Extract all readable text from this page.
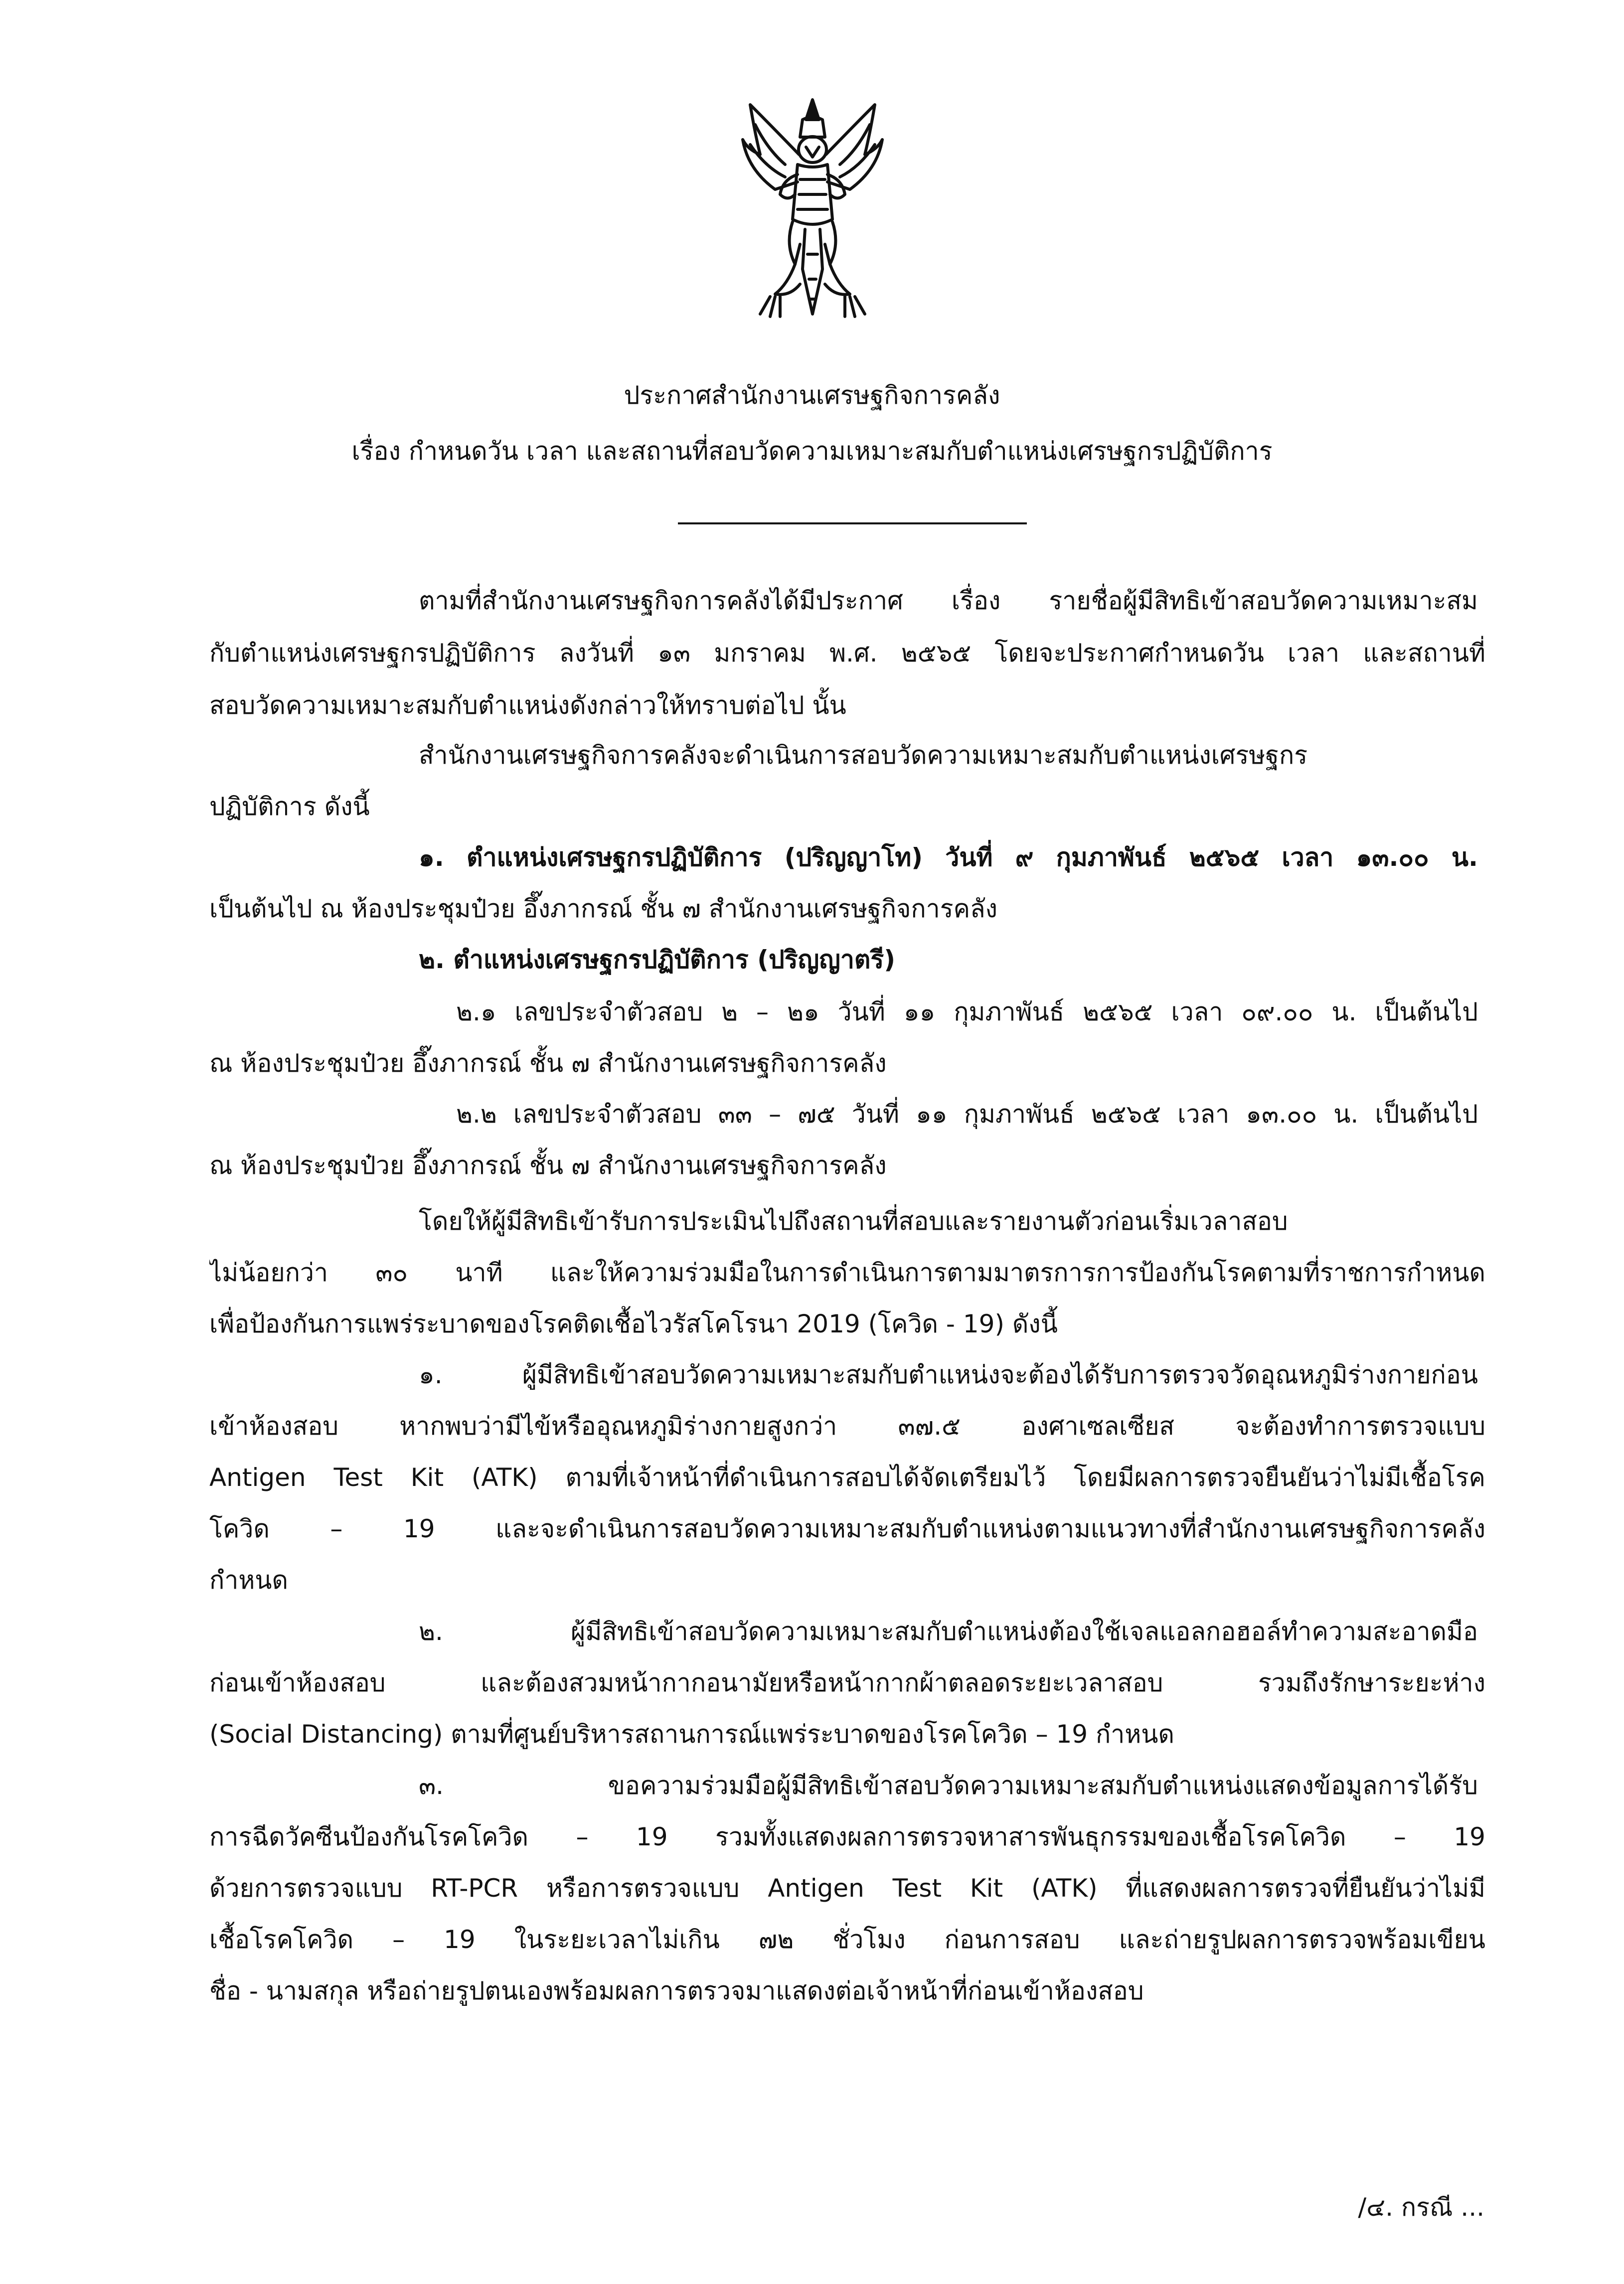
ประกาศสำนักงานเศรษฐกิจการคลัง
เรื่อง กำหนดวัน เวลา และสถานที่สอบวัดความเหมาะสมกับตำแหน่งเศรษฐกรปฏิบัติการ
ตามที่สำนักงานเศรษฐกิจการคลังได้มีประกาศ เรื่อง รายชื่อผู้มีสิทธิเข้าสอบวัดความเหมาะสม
กับตำแหน่งเศรษฐกรปฏิบัติการ ลงวันที่ ๑๓ มกราคม พ.ศ. ๒๕๖๕ โดยจะประกาศกำหนดวัน เวลา และสถานที่
สอบวัดความเหมาะสมกับตำแหน่งดังกล่าวให้ทราบต่อไป นั้น
สำนักงานเศรษฐกิจการคลังจะดำเนินการสอบวัดความเหมาะสมกับตำแหน่งเศรษฐกร
ปฏิบัติการ ดังนี้
๑. ตำแหน่งเศรษฐกรปฏิบัติการ (ปริญญาโท) วันที่ ๙ กุมภาพันธ์ ๒๕๖๕ เวลา ๑๓.๐๐ น.
เป็นต้นไป ณ ห้องประชุมป๋วย อึ๊งภากรณ์ ชั้น ๗ สำนักงานเศรษฐกิจการคลัง
๒. ตำแหน่งเศรษฐกรปฏิบัติการ (ปริญญาตรี)
๒.๑ เลขประจำตัวสอบ ๒ – ๒๑ วันที่ ๑๑ กุมภาพันธ์ ๒๕๖๕ เวลา ๐๙.๐๐ น. เป็นต้นไป
ณ ห้องประชุมป๋วย อึ๊งภากรณ์ ชั้น ๗ สำนักงานเศรษฐกิจการคลัง
๒.๒ เลขประจำตัวสอบ ๓๓ – ๗๕ วันที่ ๑๑ กุมภาพันธ์ ๒๕๖๕ เวลา ๑๓.๐๐ น. เป็นต้นไป
ณ ห้องประชุมป๋วย อึ๊งภากรณ์ ชั้น ๗ สำนักงานเศรษฐกิจการคลัง
โดยให้ผู้มีสิทธิเข้ารับการประเมินไปถึงสถานที่สอบและรายงานตัวก่อนเริ่มเวลาสอบ
ไม่น้อยกว่า ๓๐ นาที และให้ความร่วมมือในการดำเนินการตามมาตรการการป้องกันโรคตามที่ราชการกำหนด
เพื่อป้องกันการแพร่ระบาดของโรคติดเชื้อไวรัสโคโรนา 2019 (โควิด - 19) ดังนี้
๑. ผู้มีสิทธิเข้าสอบวัดความเหมาะสมกับตำแหน่งจะต้องได้รับการตรวจวัดอุณหภูมิร่างกายก่อน
เข้าห้องสอบ หากพบว่ามีไข้หรืออุณหภูมิร่างกายสูงกว่า ๓๗.๕ องศาเซลเซียส จะต้องทำการตรวจแบบ
Antigen Test Kit (ATK) ตามที่เจ้าหน้าที่ดำเนินการสอบได้จัดเตรียมไว้ โดยมีผลการตรวจยืนยันว่าไม่มีเชื้อโรค
โควิด – 19 และจะดำเนินการสอบวัดความเหมาะสมกับตำแหน่งตามแนวทางที่สำนักงานเศรษฐกิจการคลัง
กำหนด
๒. ผู้มีสิทธิเข้าสอบวัดความเหมาะสมกับตำแหน่งต้องใช้เจลแอลกอฮอล์ทำความสะอาดมือ
ก่อนเข้าห้องสอบ และต้องสวมหน้ากากอนามัยหรือหน้ากากผ้าตลอดระยะเวลาสอบ รวมถึงรักษาระยะห่าง
(Social Distancing) ตามที่ศูนย์บริหารสถานการณ์แพร่ระบาดของโรคโควิด – 19 กำหนด
๓. ขอความร่วมมือผู้มีสิทธิเข้าสอบวัดความเหมาะสมกับตำแหน่งแสดงข้อมูลการได้รับ
การฉีดวัคซีนป้องกันโรคโควิด – 19 รวมทั้งแสดงผลการตรวจหาสารพันธุกรรมของเชื้อโรคโควิด – 19
ด้วยการตรวจแบบ RT-PCR หรือการตรวจแบบ Antigen Test Kit (ATK) ที่แสดงผลการตรวจที่ยืนยันว่าไม่มี
เชื้อโรคโควิด – 19 ในระยะเวลาไม่เกิน ๗๒ ชั่วโมง ก่อนการสอบ และถ่ายรูปผลการตรวจพร้อมเขียน
ชื่อ - นามสกุล หรือถ่ายรูปตนเองพร้อมผลการตรวจมาแสดงต่อเจ้าหน้าที่ก่อนเข้าห้องสอบ
/๔. กรณี ...
